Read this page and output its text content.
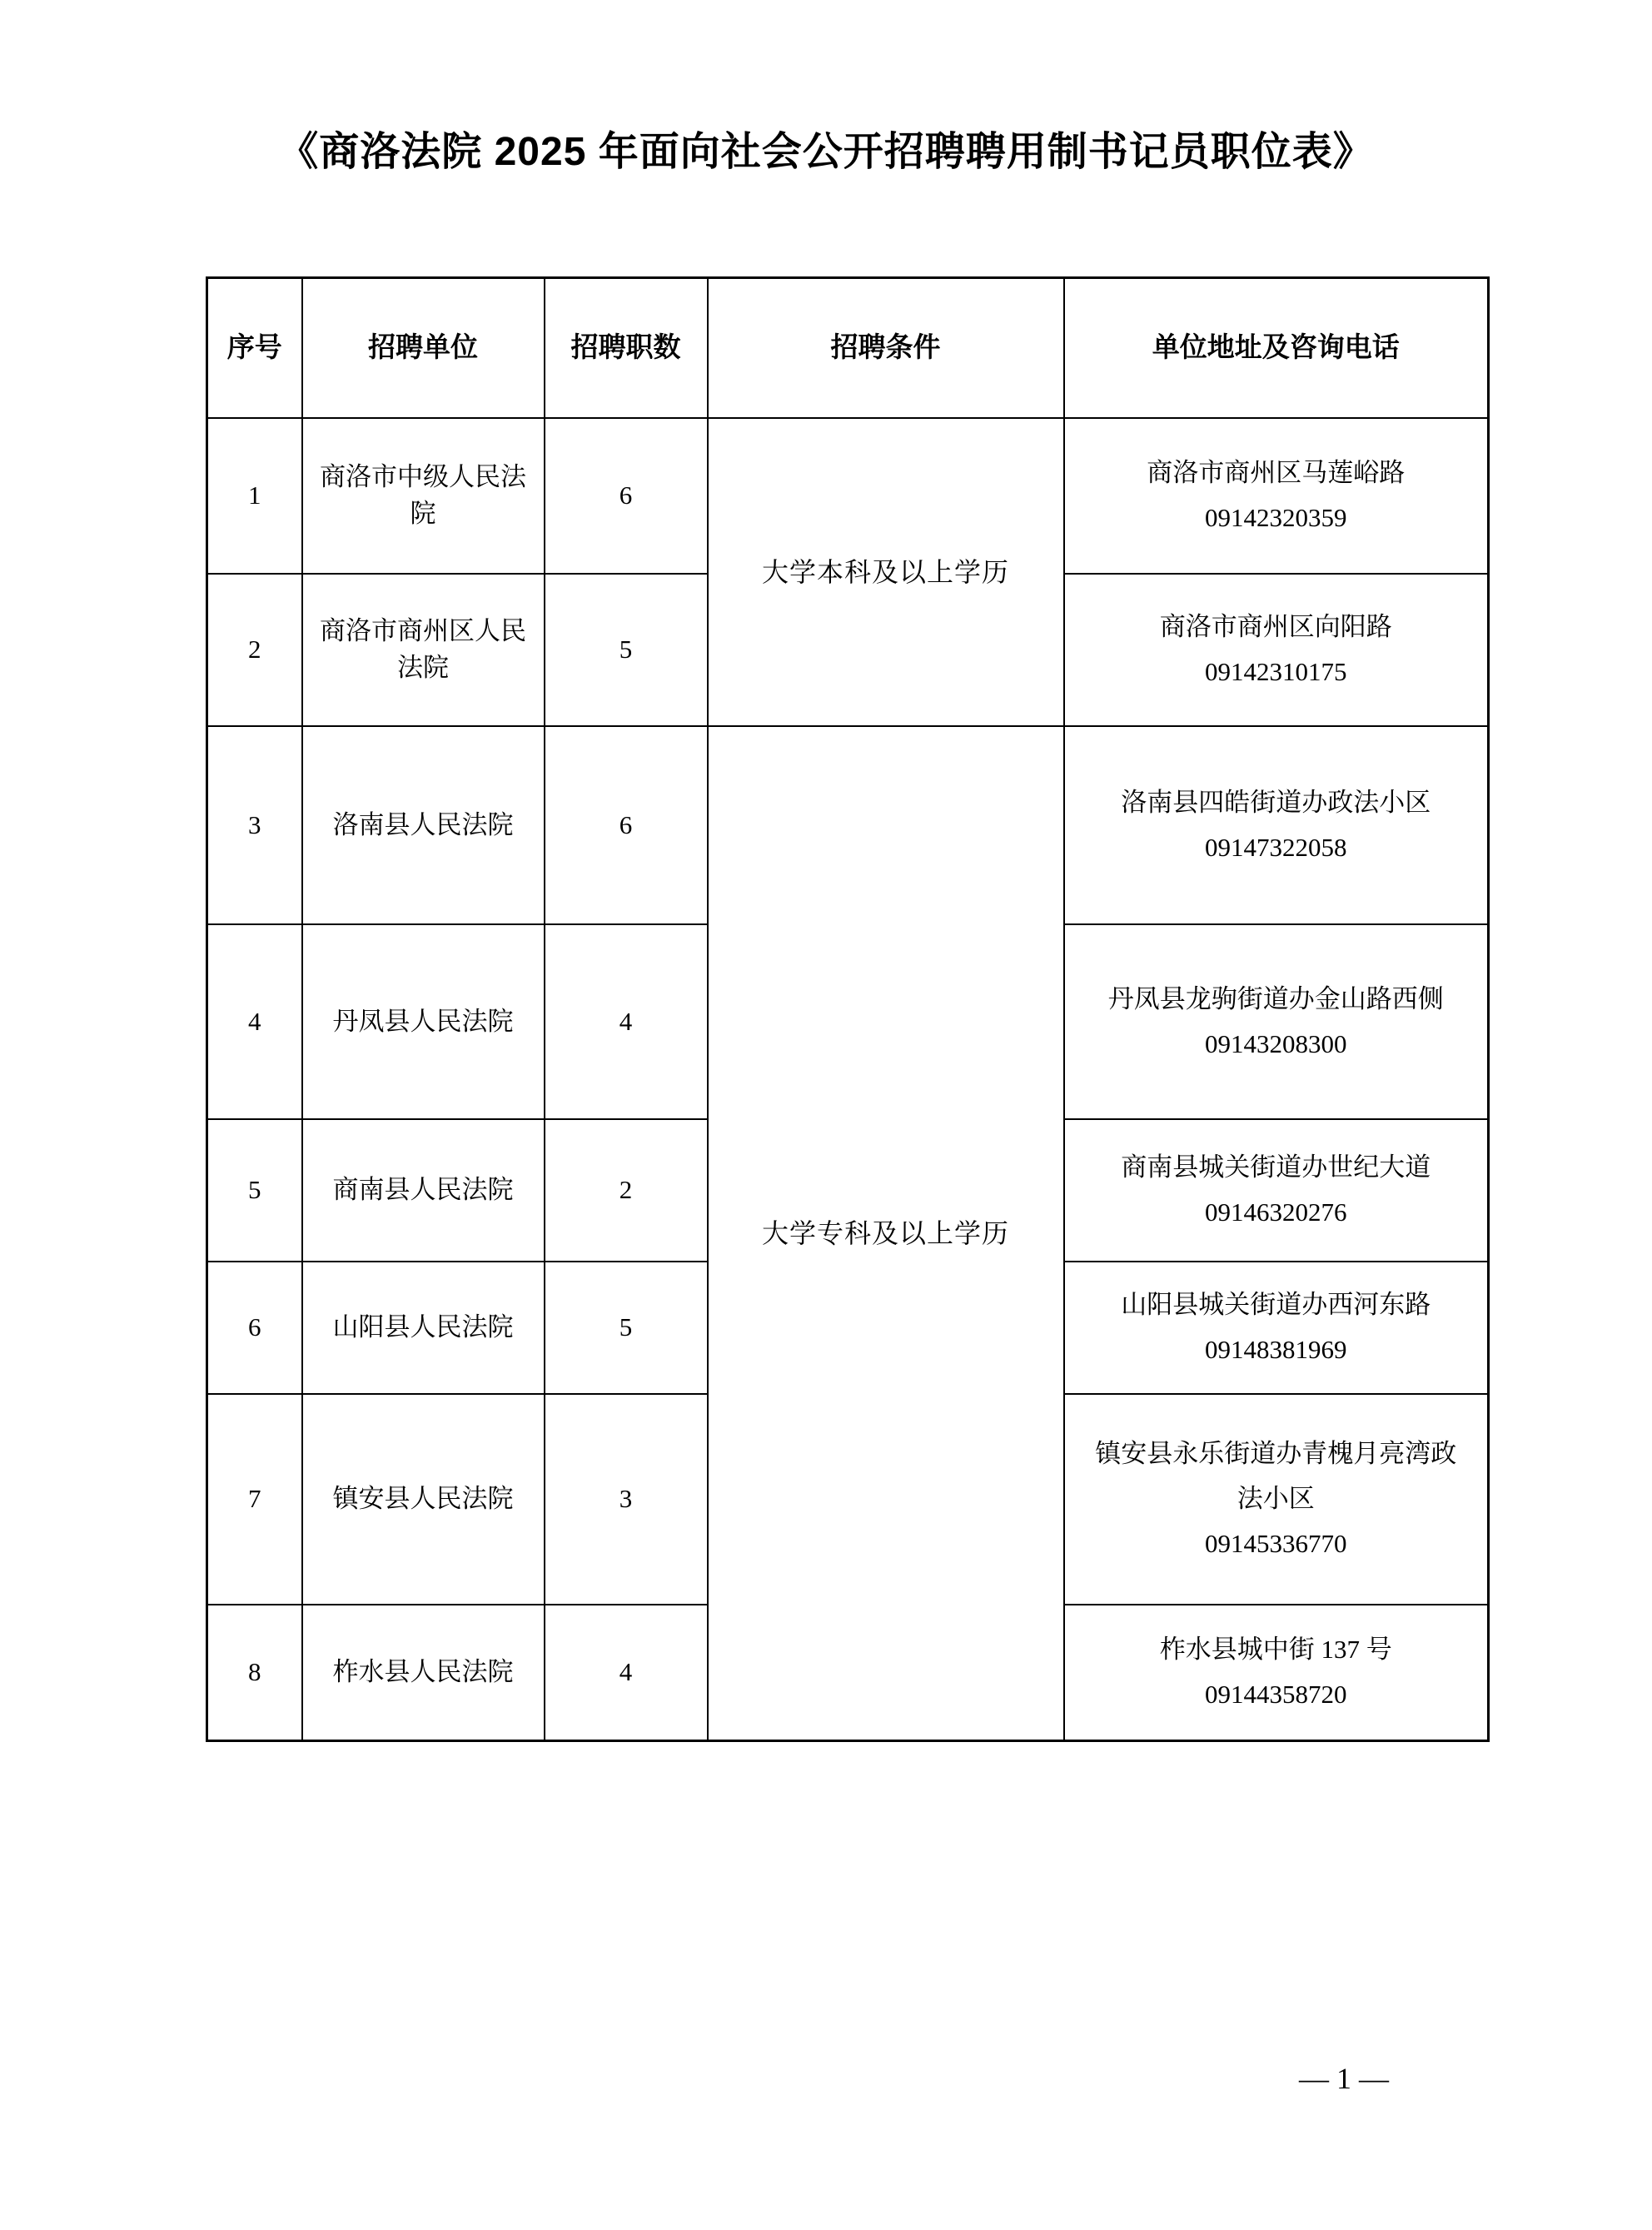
《商洛法院 2025 年面向社会公开招聘聘用制书记员职位表》
序号	招聘单位	招聘职数	招聘条件	单位地址及咨询电话
1	商洛市中级人民法院	6	大学本科及以上学历	商洛市商州区马莲峪路
09142320359

2	商洛市商州区人民法院	5		商洛市商州区向阳路
09142310175

3	洛南县人民法院	6	大学专科及以上学历	洛南县四皓街道办政法小区
09147322058

4	丹凤县人民法院	4		丹凤县龙驹街道办金山路西侧
09143208300

5	商南县人民法院	2		商南县城关街道办世纪大道
09146320276

6	山阳县人民法院	5		山阳县城关街道办西河东路
09148381969

7	镇安县人民法院	3		镇安县永乐街道办青槐月亮湾政法小区
09145336770

8	柞水县人民法院	4		柞水县城中街 137 号
09144358720
— 1 —
